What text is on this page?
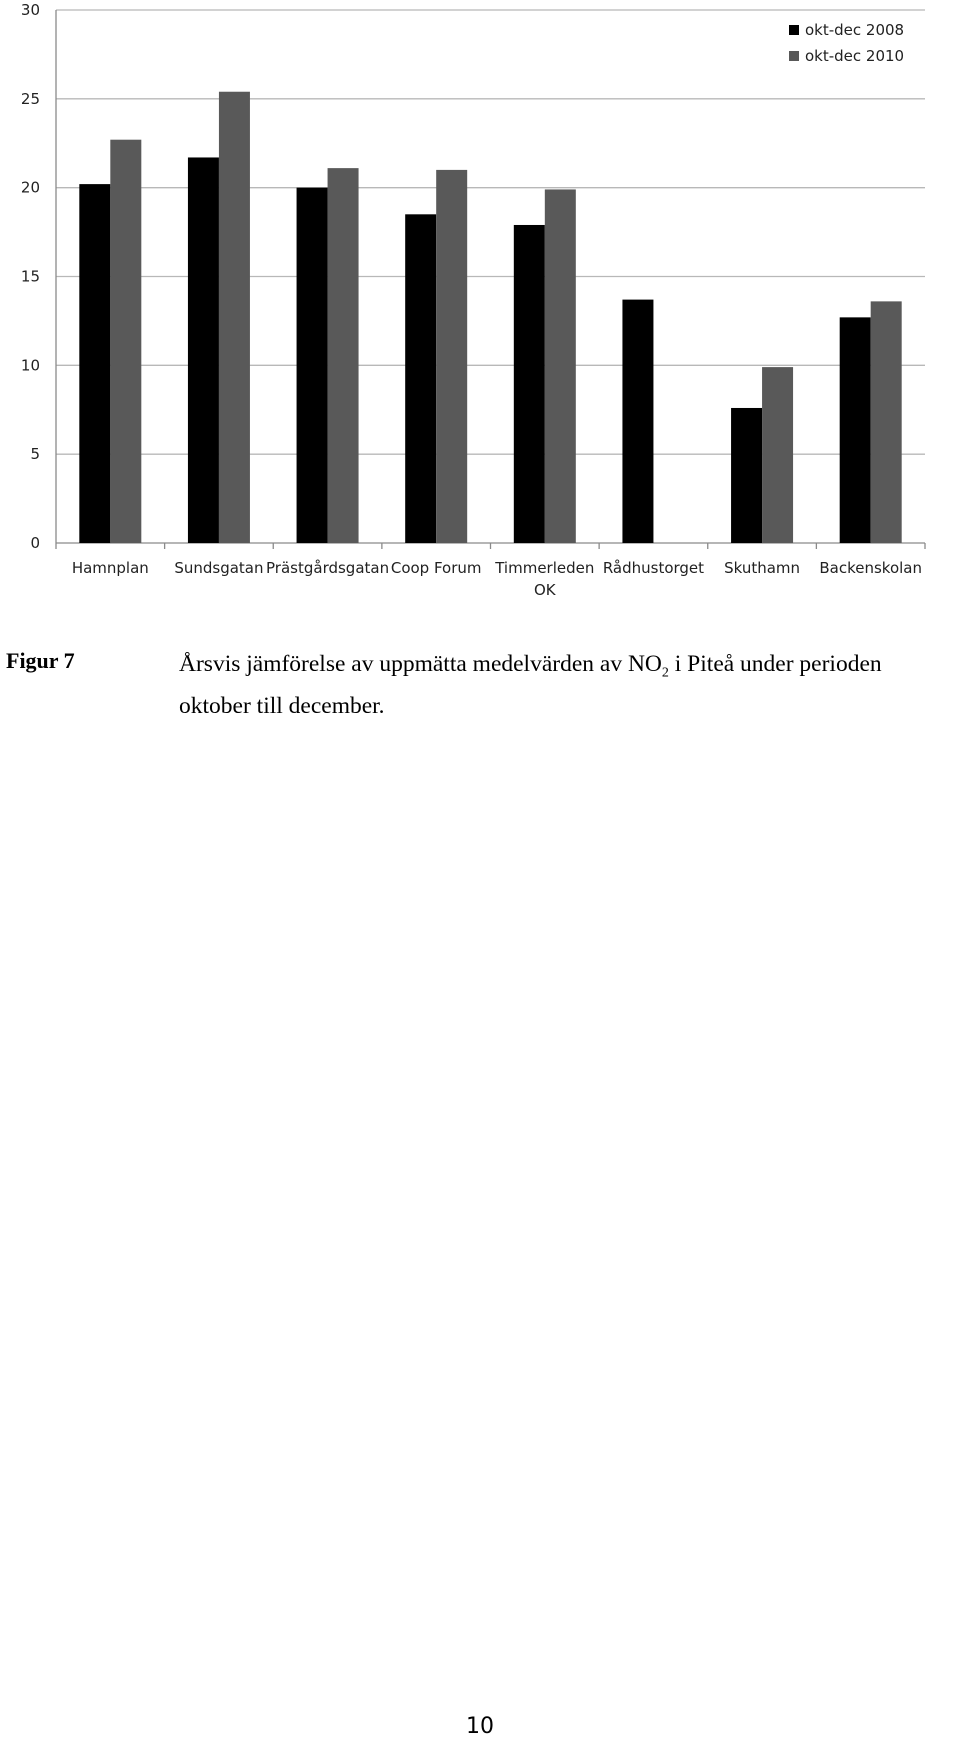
0
5
10
15
20
25
30
Hamnplan Sundsgatan Prästgårdsgatan Coop Forum Timmerleden
OK
Rådhustorget Skuthamn Backenskolan
okt-dec 2008
okt-dec 2010
Figur 7	Årsvis jämförelse av uppmätta medelvärden av $NO_2$ i Piteå under perioden oktober till december.
10
